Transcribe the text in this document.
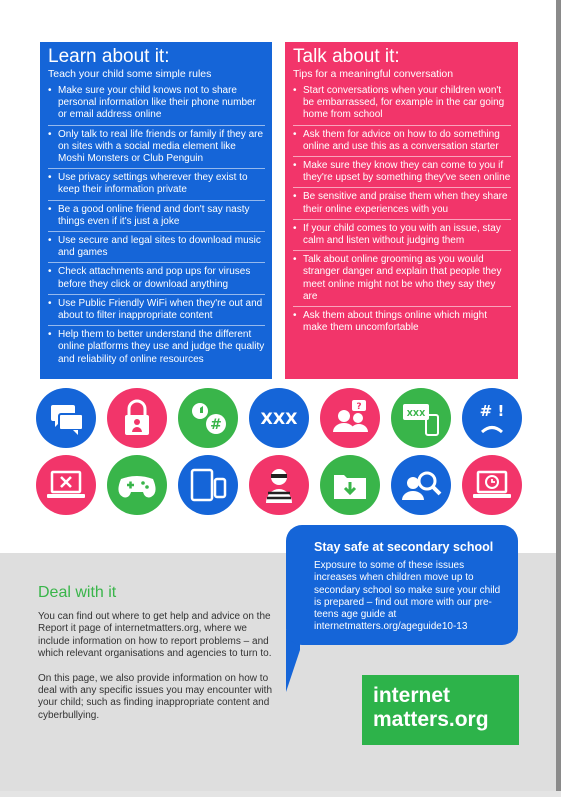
Learn about it:
Teach your child some simple rules
• Make sure your child knows not to share personal information like their phone number or email address online
• Only talk to real life friends or family if they are on sites with a social media element like Moshi Monsters or Club Penguin
• Use privacy settings wherever they exist to keep their information private
• Be a good online friend and don't say nasty things even if it's just a joke
• Use secure and legal sites to download music and games
• Check attachments and pop ups for viruses before they click or download anything
• Use Public Friendly WiFi when they're out and about to filter inappropriate content
• Help them to better understand the different online platforms they use and judge the quality and reliability of online resources
Talk about it:
Tips for a meaningful conversation
• Start conversations when your children won't be embarrassed, for example in the car going home from school
• Ask them for advice on how to do something online and use this as a conversation starter
• Make sure they know they can come to you if they're upset by something they've seen online
• Be sensitive and praise them when they share their online experiences with you
• If your child comes to you with an issue, stay calm and listen without judging them
• Talk about online grooming as you would stranger danger and explain that people they meet online might not be who they say they are
• Ask them about things online which might make them uncomfortable
# XXX
?
XXX	# !
Deal with it

You can find out where to get help and advice on the Report it page of internetmatters.org, where we include information on how to report problems – and which relevant organisations and agencies to turn to.

On this page, we also provide information on how to deal with any specific issues you may encounter with your child; such as finding inappropriate content and cyberbullying.

Stay safe at secondary school

Exposure to some of these issues increases when children move up to secondary school so make sure your child is prepared – find out more with our pre-teens age guide at internetmatters.org/ageguide10-13

internet
matters.org
